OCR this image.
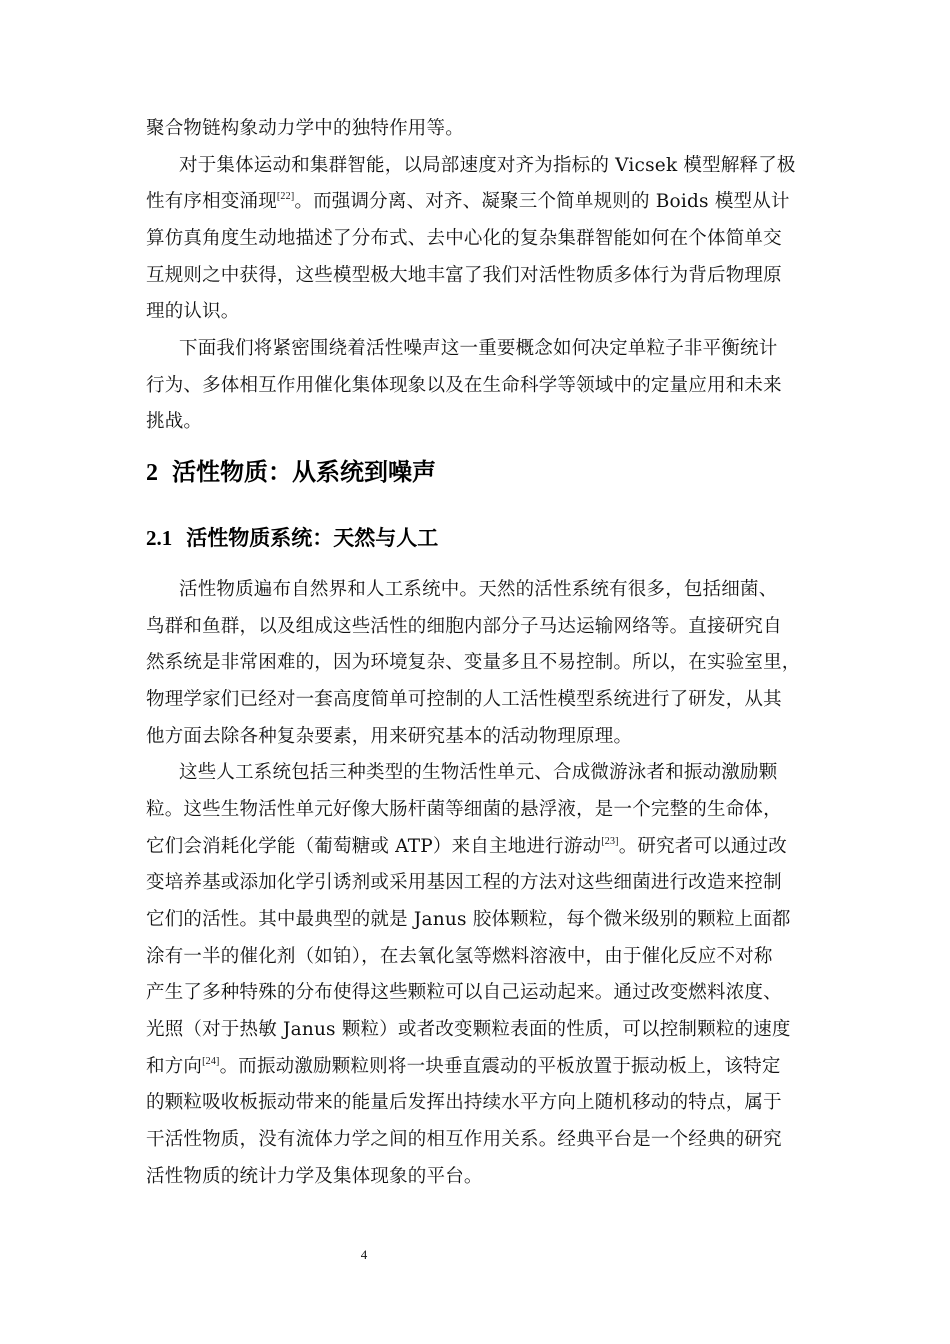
聚合物链构象动力学中的独特作用等。
对于集体运动和集群智能，以局部速度对齐为指标的 Vicsek 模型解释了极
性有序相变涌现[22]。而强调分离、对齐、凝聚三个简单规则的 Boids 模型从计
算仿真角度生动地描述了分布式、去中心化的复杂集群智能如何在个体简单交
互规则之中获得，这些模型极大地丰富了我们对活性物质多体行为背后物理原
理的认识。
下面我们将紧密围绕着活性噪声这一重要概念如何决定单粒子非平衡统计
行为、多体相互作用催化集体现象以及在生命科学等领域中的定量应用和未来
挑战。
2 活性物质：从系统到噪声
2.1 活性物质系统：天然与人工
活性物质遍布自然界和人工系统中。天然的活性系统有很多，包括细菌、
鸟群和鱼群，以及组成这些活性的细胞内部分子马达运输网络等。直接研究自
然系统是非常困难的，因为环境复杂、变量多且不易控制。所以，在实验室里，
物理学家们已经对一套高度简单可控制的人工活性模型系统进行了研发，从其
他方面去除各种复杂要素，用来研究基本的活动物理原理。
这些人工系统包括三种类型的生物活性单元、合成微游泳者和振动激励颗
粒。这些生物活性单元好像大肠杆菌等细菌的悬浮液，是一个完整的生命体，
它们会消耗化学能（葡萄糖或 ATP）来自主地进行游动[23]。研究者可以通过改
变培养基或添加化学引诱剂或采用基因工程的方法对这些细菌进行改造来控制
它们的活性。其中最典型的就是 Janus 胶体颗粒，每个微米级别的颗粒上面都
涂有一半的催化剂（如铂），在去氧化氢等燃料溶液中，由于催化反应不对称
产生了多种特殊的分布使得这些颗粒可以自己运动起来。通过改变燃料浓度、
光照（对于热敏 Janus 颗粒）或者改变颗粒表面的性质，可以控制颗粒的速度
和方向[24]。而振动激励颗粒则将一块垂直震动的平板放置于振动板上，该特定
的颗粒吸收板振动带来的能量后发挥出持续水平方向上随机移动的特点，属于
干活性物质，没有流体力学之间的相互作用关系。经典平台是一个经典的研究
活性物质的统计力学及集体现象的平台。
4
